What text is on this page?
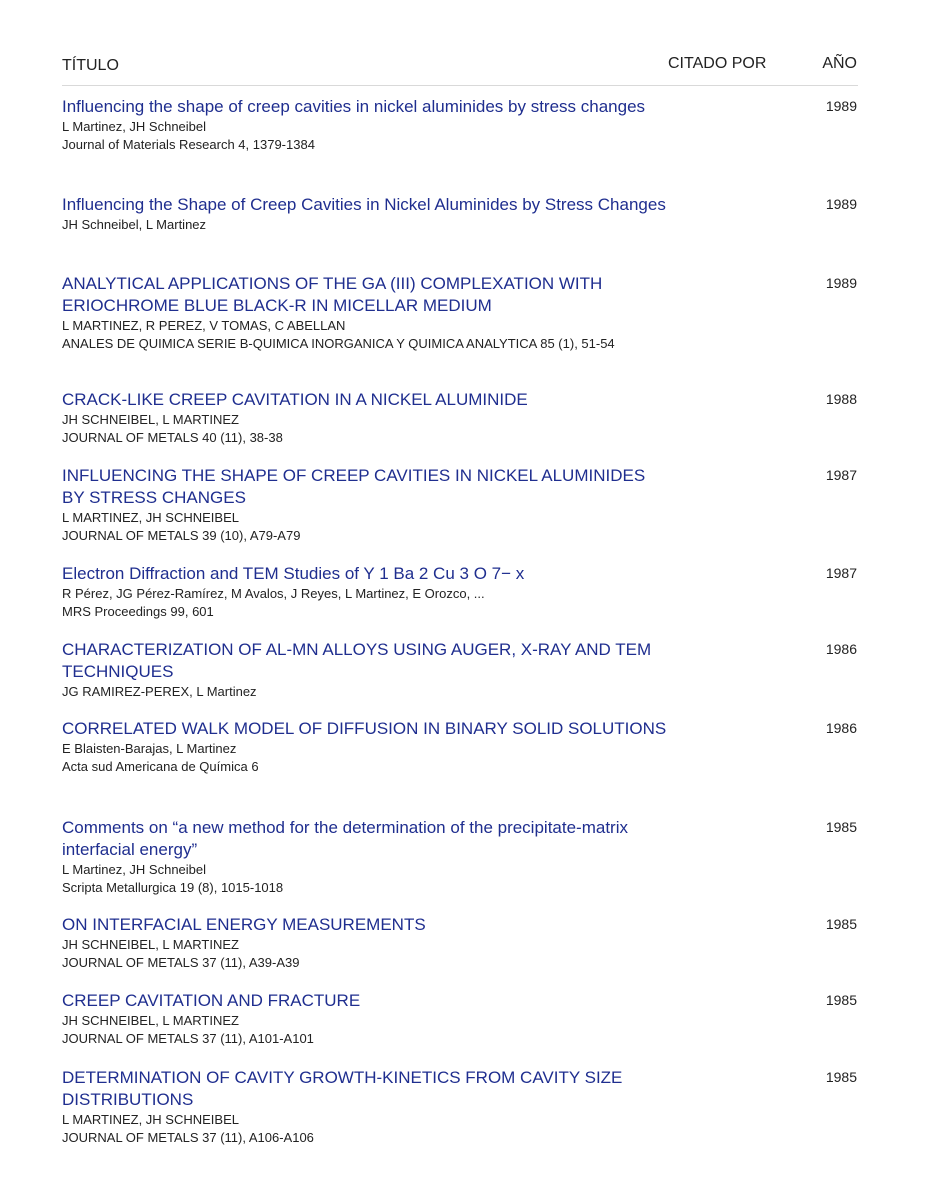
TÍTULO	CITADO POR	AÑO
Influencing the shape of creep cavities in nickel aluminides by stress changes
L Martinez, JH Schneibel
Journal of Materials Research 4, 1379-1384
1989
Influencing the Shape of Creep Cavities in Nickel Aluminides by Stress Changes
JH Schneibel, L Martinez
1989
ANALYTICAL APPLICATIONS OF THE GA (III) COMPLEXATION WITH ERIOCHROME BLUE BLACK-R IN MICELLAR MEDIUM
L MARTINEZ, R PEREZ, V TOMAS, C ABELLAN
ANALES DE QUIMICA SERIE B-QUIMICA INORGANICA Y QUIMICA ANALYTICA 85 (1), 51-54
1989
CRACK-LIKE CREEP CAVITATION IN A NICKEL ALUMINIDE
JH SCHNEIBEL, L MARTINEZ
JOURNAL OF METALS 40 (11), 38-38
1988
INFLUENCING THE SHAPE OF CREEP CAVITIES IN NICKEL ALUMINIDES BY STRESS CHANGES
L MARTINEZ, JH SCHNEIBEL
JOURNAL OF METALS 39 (10), A79-A79
1987
Electron Diffraction and TEM Studies of Y 1 Ba 2 Cu 3 O 7− x
R Pérez, JG Pérez-Ramírez, M Avalos, J Reyes, L Martinez, E Orozco, ...
MRS Proceedings 99, 601
1987
CHARACTERIZATION OF AL-MN ALLOYS USING AUGER, X-RAY AND TEM TECHNIQUES
JG RAMIREZ-PEREX, L Martinez
1986
CORRELATED WALK MODEL OF DIFFUSION IN BINARY SOLID SOLUTIONS
E Blaisten-Barajas, L Martinez
Acta sud Americana de Química 6
1986
Comments on “a new method for the determination of the precipitate-matrix interfacial energy”
L Martinez, JH Schneibel
Scripta Metallurgica 19 (8), 1015-1018
1985
ON INTERFACIAL ENERGY MEASUREMENTS
JH SCHNEIBEL, L MARTINEZ
JOURNAL OF METALS 37 (11), A39-A39
1985
CREEP CAVITATION AND FRACTURE
JH SCHNEIBEL, L MARTINEZ
JOURNAL OF METALS 37 (11), A101-A101
1985
DETERMINATION OF CAVITY GROWTH-KINETICS FROM CAVITY SIZE DISTRIBUTIONS
L MARTINEZ, JH SCHNEIBEL
JOURNAL OF METALS 37 (11), A106-A106
1985
